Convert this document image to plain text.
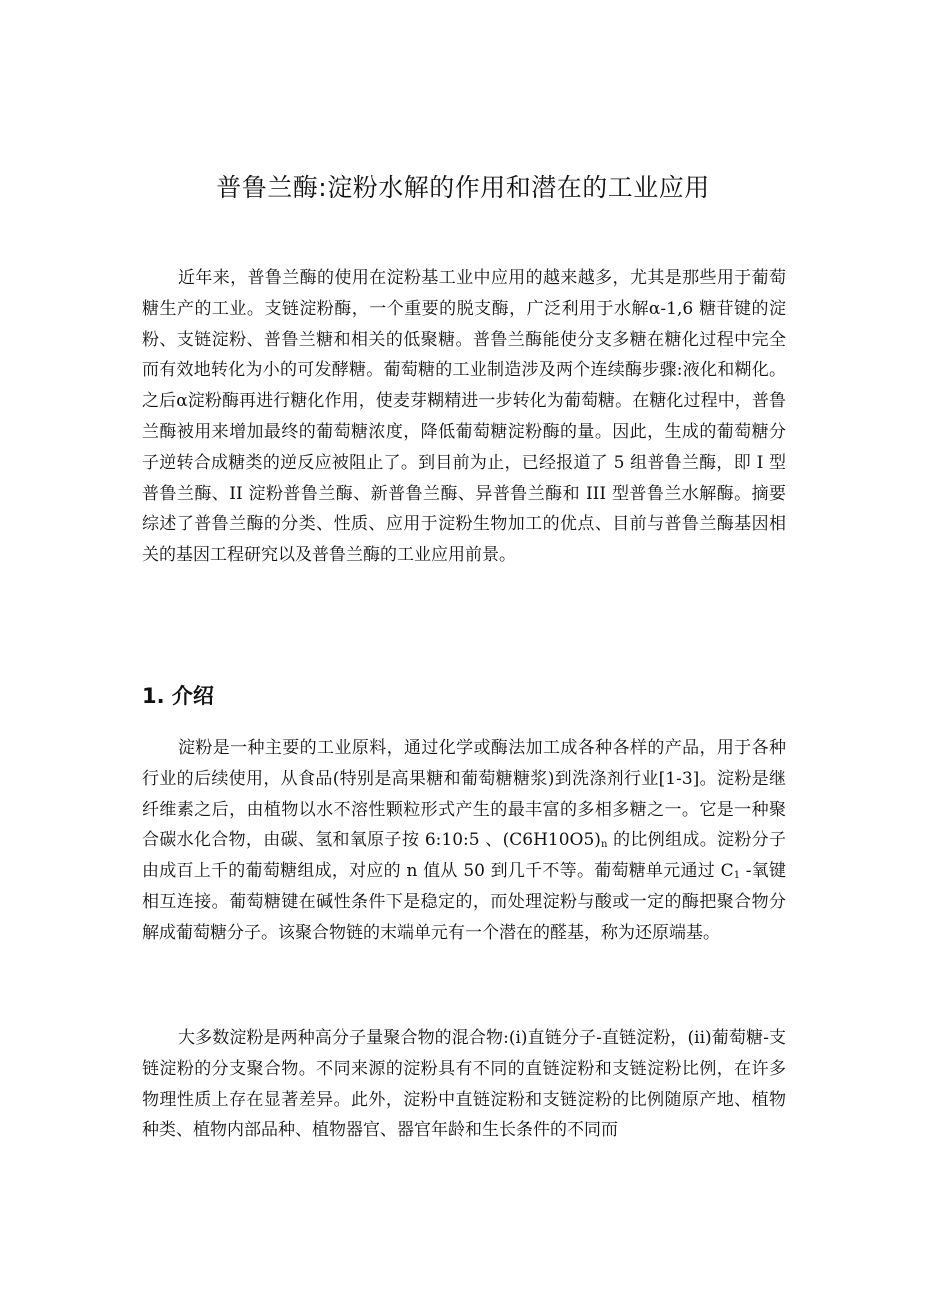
普鲁兰酶:淀粉水解的作用和潜在的工业应用

近年来，普鲁兰酶的使用在淀粉基工业中应用的越来越多，尤其是那些用于葡萄糖生产的工业。支链淀粉酶，一个重要的脱支酶，广泛利用于水解α-1,6 糖苷键的淀粉、支链淀粉、普鲁兰糖和相关的低聚糖。普鲁兰酶能使分支多糖在糖化过程中完全而有效地转化为小的可发酵糖。葡萄糖的工业制造涉及两个连续酶步骤:液化和糊化。之后α淀粉酶再进行糖化作用，使麦芽糊精进一步转化为葡萄糖。在糖化过程中，普鲁兰酶被用来增加最终的葡萄糖浓度，降低葡萄糖淀粉酶的量。因此，生成的葡萄糖分子逆转合成糖类的逆反应被阻止了。到目前为止，已经报道了 5 组普鲁兰酶，即 I 型普鲁兰酶、II 淀粉普鲁兰酶、新普鲁兰酶、异普鲁兰酶和 III 型普鲁兰水解酶。摘要综述了普鲁兰酶的分类、性质、应用于淀粉生物加工的优点、目前与普鲁兰酶基因相关的基因工程研究以及普鲁兰酶的工业应用前景。

1. 介绍

淀粉是一种主要的工业原料，通过化学或酶法加工成各种各样的产品，用于各种行业的后续使用，从食品(特别是高果糖和葡萄糖糖浆)到洗涤剂行业[1-3]。淀粉是继纤维素之后，由植物以水不溶性颗粒形式产生的最丰富的多相多糖之一。它是一种聚合碳水化合物，由碳、氢和氧原子按 6:10:5 、$(C6H10O5)_n$ 的比例组成。淀粉分子由成百上千的葡萄糖组成，对应的 n 值从 50 到几千不等。葡萄糖单元通过 $C_1$ -氧键相互连接。葡萄糖键在碱性条件下是稳定的，而处理淀粉与酸或一定的酶把聚合物分解成葡萄糖分子。该聚合物链的末端单元有一个潜在的醛基，称为还原端基。

大多数淀粉是两种高分子量聚合物的混合物:(i)直链分子-直链淀粉，(ii)葡萄糖-支链淀粉的分支聚合物。不同来源的淀粉具有不同的直链淀粉和支链淀粉比例，在许多物理性质上存在显著差异。此外，淀粉中直链淀粉和支链淀粉的比例随原产地、植物种类、植物内部品种、植物器官、器官年龄和生长条件的不同而
